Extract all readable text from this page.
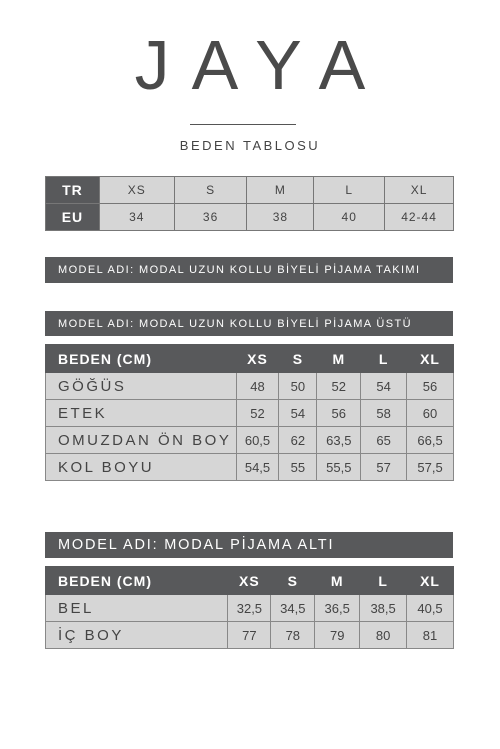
JAYA
BEDEN TABLOSU
TR	XS	S	M	L	XL
EU	34	36	38	40	42-44
MODEL ADI: MODAL UZUN KOLLU BİYELİ PİJAMA TAKIMI
MODEL ADI: MODAL UZUN KOLLU BİYELİ PİJAMA ÜSTÜ
BEDEN (CM)	XS	S	M	L	XL
GÖĞÜS	48	50	52	54	56
ETEK	52	54	56	58	60
OMUZDAN ÖN BOY	60,5	62	63,5	65	66,5
KOL BOYU	54,5	55	55,5	57	57,5
MODEL ADI: MODAL PİJAMA ALTI
BEDEN (CM)	XS	S	M	L	XL
BEL	32,5	34,5	36,5	38,5	40,5
İÇ BOY	77	78	79	80	81
